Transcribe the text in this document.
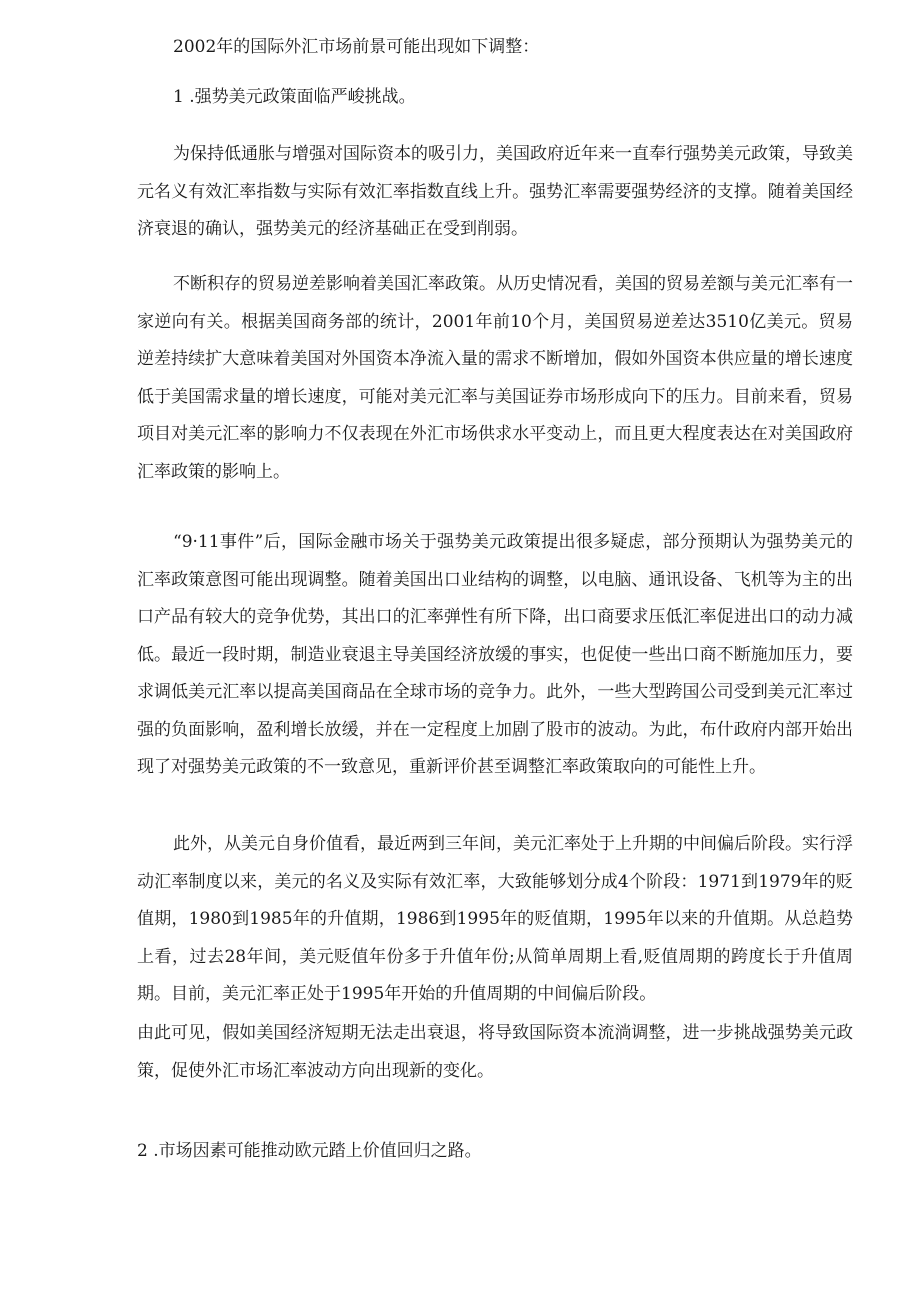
2002年的国际外汇市场前景可能出现如下调整：
1 .强势美元政策面临严峻挑战。
为保持低通胀与增强对国际资本的吸引力，美国政府近年来一直奉行强势美元政策，导致美元名义有效汇率指数与实际有效汇率指数直线上升。强势汇率需要强势经济的支撑。随着美国经济衰退的确认，强势美元的经济基础正在受到削弱。
不断积存的贸易逆差影响着美国汇率政策。从历史情况看，美国的贸易差额与美元汇率有一家逆向有关。根据美国商务部的统计，2001年前10个月，美国贸易逆差达3510亿美元。贸易逆差持续扩大意味着美国对外国资本净流入量的需求不断增加，假如外国资本供应量的增长速度低于美国需求量的增长速度，可能对美元汇率与美国证券市场形成向下的压力。目前来看，贸易项目对美元汇率的影响力不仅表现在外汇市场供求水平变动上，而且更大程度表达在对美国政府汇率政策的影响上。
“9·11事件”后，国际金融市场关于强势美元政策提出很多疑虑，部分预期认为强势美元的汇率政策意图可能出现调整。随着美国出口业结构的调整，以电脑、通讯设备、飞机等为主的出口产品有较大的竞争优势，其出口的汇率弹性有所下降，出口商要求压低汇率促进出口的动力减低。最近一段时期，制造业衰退主导美国经济放缓的事实，也促使一些出口商不断施加压力，要求调低美元汇率以提高美国商品在全球市场的竞争力。此外，一些大型跨国公司受到美元汇率过强的负面影响，盈利增长放缓，并在一定程度上加剧了股市的波动。为此，布什政府内部开始出现了对强势美元政策的不一致意见，重新评价甚至调整汇率政策取向的可能性上升。
此外，从美元自身价值看，最近两到三年间，美元汇率处于上升期的中间偏后阶段。实行浮动汇率制度以来，美元的名义及实际有效汇率，大致能够划分成4个阶段：1971到1979年的贬值期，1980到1985年的升值期，1986到1995年的贬值期，1995年以来的升值期。从总趋势上看，过去28年间，美元贬值年份多于升值年份;从简单周期上看,贬值周期的跨度长于升值周期。目前，美元汇率正处于1995年开始的升值周期的中间偏后阶段。
由此可见，假如美国经济短期无法走出衰退，将导致国际资本流淌调整，进一步挑战强势美元政策，促使外汇市场汇率波动方向出现新的变化。
2 .市场因素可能推动欧元踏上价值回归之路。
